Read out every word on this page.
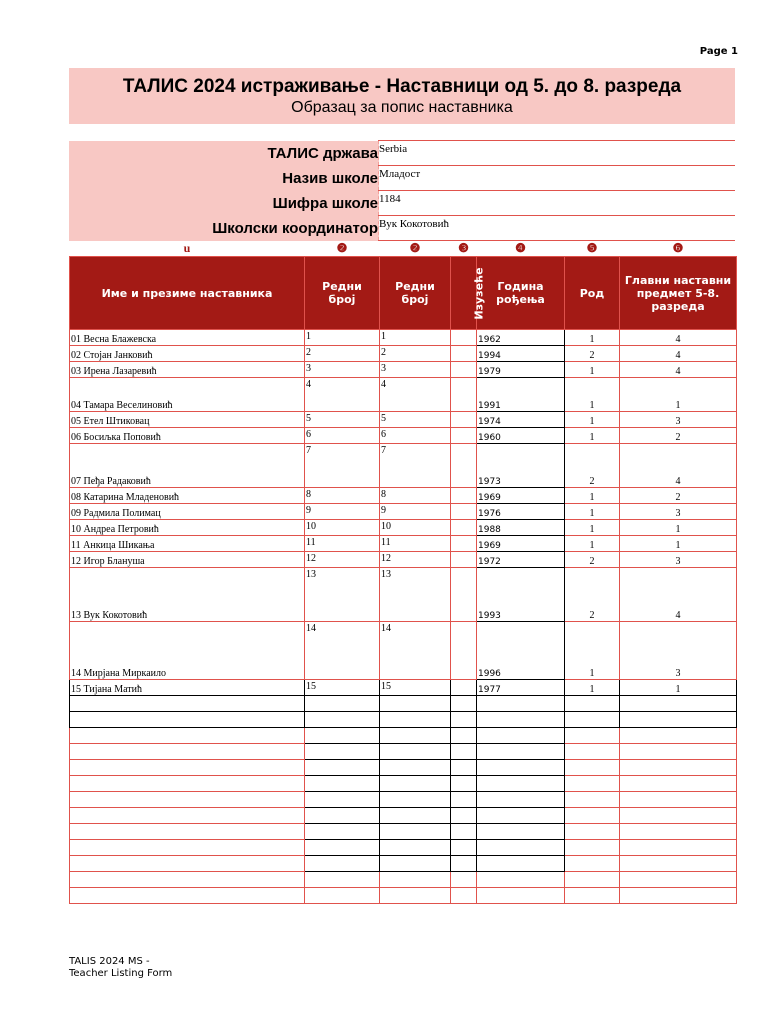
Page 1
ТАЛИС 2024 истраживање - Наставници од 5. до 8. разреда
Образац за попис наставника
ТАЛИС држава	Serbia
Назив школе	Младост
Шифра школе	1184
Школски координатор	Вук Кокотовић
u	❷	❷	❸	❹	❺	❻
Име и презиме наставника	Редни број	Редни број	Изузеће	Година рођења	Род	Главни наставни предмет 5-8. разреда
01 Весна Блажевска	1	1		1962	1	4
02 Стојан Јанковић	2	2		1994	2	4
03 Ирена Лазаревић	3	3		1979	1	4
04 Тамара Веселиновић	4	4		1991	1	1
05 Етел Штиковац	5	5		1974	1	3
06 Босиљка Поповић	6	6		1960	1	2
07 Пеђа Радаковић	7	7		1973	2	4
08 Катарина Младеновић	8	8		1969	1	2
09 Радмила Полимац	9	9		1976	1	3
10 Андреа Петровић	10	10		1988	1	1
11 Анкица Шикања	11	11		1969	1	1
12 Игор Блануша	12	12		1972	2	3
13 Вук Кокотовић	13	13		1993	2	4
14 Мирјана Миркаило	14	14		1996	1	3
15 Тијана Матић	15	15		1977	1	1

TALIS 2024 MS -
Teacher Listing Form
